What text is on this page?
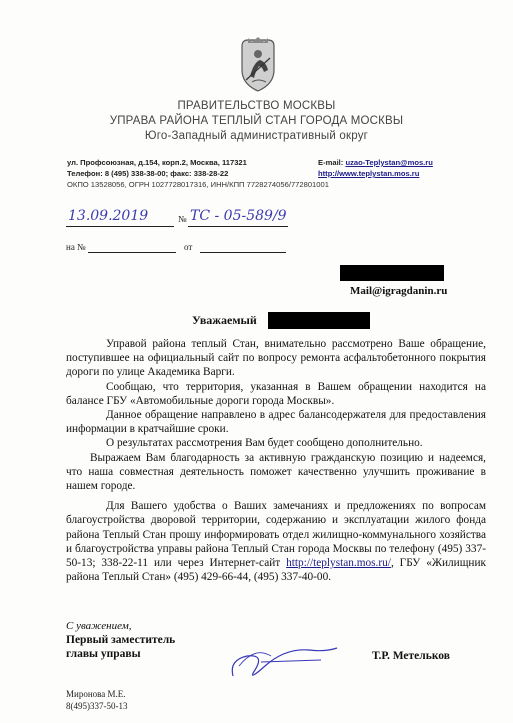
ПРАВИТЕЛЬСТВО МОСКВЫ
УПРАВА РАЙОНА ТЕПЛЫЙ СТАН ГОРОДА МОСКВЫ
Юго-Западный административный округ
ул. Профсоюзная, д.154, корп.2, Москва, 117321	E-mail: uzao-Teplystan@mos.ru
Телефон: 8 (495) 338-38-00; факс: 338-28-22	http://www.teplystan.mos.ru
ОКПО 13528056, ОГРН 1027728017316, ИНН/КПП 7728274056/772801001
13.09.2019	№ ТС - 05-589/9
на №	от
Mail@igragdanin.ru
Уважаемый

Управой района теплый Стан, внимательно рассмотрено Ваше обращение, поступившее на официальный сайт по вопросу ремонта асфальтобетонного покрытия дороги по улице Академика Варги.

Сообщаю, что территория, указанная в Вашем обращении находится на балансе ГБУ «Автомобильные дороги города Москвы».

Данное обращение направлено в адрес балансодержателя для предоставления информации в кратчайшие сроки.

О результатах рассмотрения Вам будет сообщено дополнительно.

Выражаем Вам благодарность за активную гражданскую позицию и надеемся, что наша совместная деятельность поможет качественно улучшить проживание в нашем городе.

Для Вашего удобства о Ваших замечаниях и предложениях по вопросам благоустройства дворовой территории, содержанию и эксплуатации жилого фонда района Теплый Стан прошу информировать отдел жилищно-коммунального хозяйства и благоустройства управы района Теплый Стан города Москвы по телефону (495) 337-50-13; 338-22-11 или через Интернет-сайт http://teplystan.mos.ru/, ГБУ «Жилищник района Теплый Стан» (495) 429-66-44, (495) 337-40-00.

С уважением,
Первый заместитель
главы управы	Т.Р. Метельков
Миронова М.Е.
8(495)337-50-13
